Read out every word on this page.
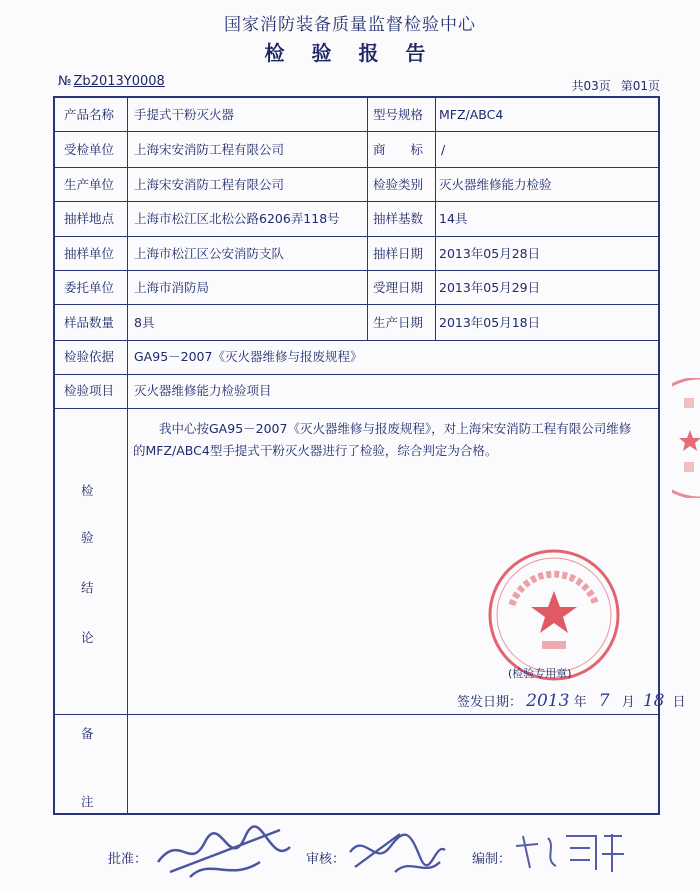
国家消防装备质量监督检验中心
检 验 报 告
№ Zb2013Y0008	共03页 第01页
产品名称 手提式干粉灭火器	型号规格 MFZ/ABC4
受检单位 上海宋安消防工程有限公司	商　　标 /
生产单位 上海宋安消防工程有限公司	检验类别 灭火器维修能力检验
抽样地点 上海市松江区北松公路6206弄118号	抽样基数 14具
抽样单位 上海市松江区公安消防支队	抽样日期 2013年05月28日
委托单位 上海市消防局	受理日期 2013年05月29日
样品数量 8具	生产日期 2013年05月18日
检验依据 GA95－2007《灭火器维修与报废规程》
检验项目 灭火器维修能力检验项目
我中心按GA95－2007《灭火器维修与报废规程》，对上海宋安消防工程有限公司维修的MFZ/ABC4型手提式干粉灭火器进行了检验，综合判定为合格。
检
验
结
论
签发日期： 2013 年 7 月 18 日
备
注
(检验专用章)
批准：	审核：	编制：
